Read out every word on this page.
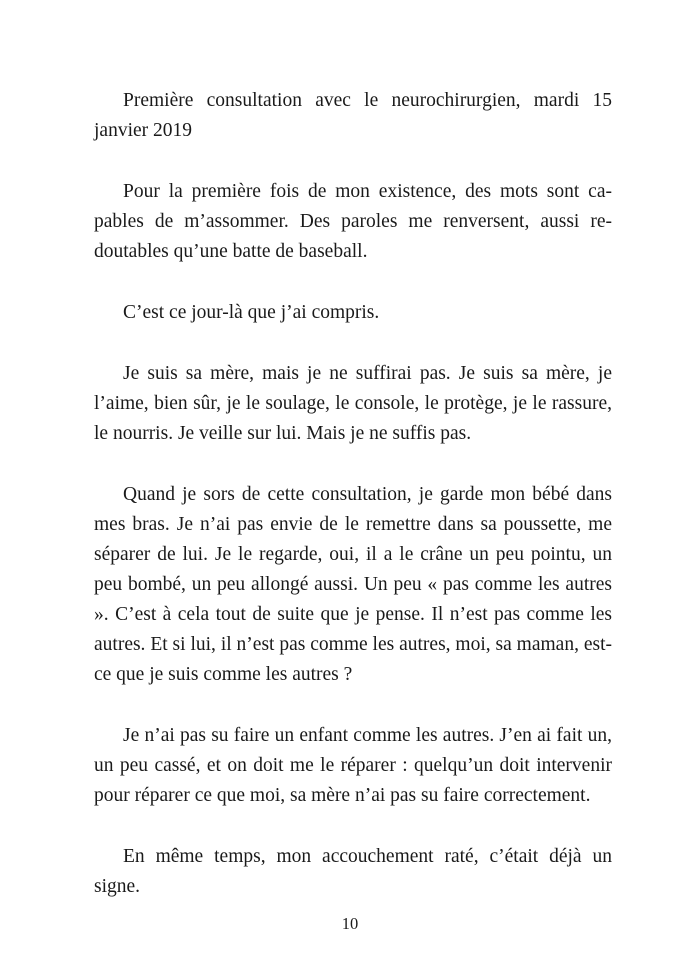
Première consultation avec le neurochirurgien, mardi 15 janvier 2019

Pour la première fois de mon existence, des mots sont capables de m’assommer. Des paroles me renversent, aussi redoutables qu’une batte de baseball.

C’est ce jour-là que j’ai compris.

Je suis sa mère, mais je ne suffirai pas. Je suis sa mère, je l’aime, bien sûr, je le soulage, le console, le protège, je le rassure, le nourris. Je veille sur lui. Mais je ne suffis pas.

Quand je sors de cette consultation, je garde mon bébé dans mes bras. Je n’ai pas envie de le remettre dans sa poussette, me séparer de lui. Je le regarde, oui, il a le crâne un peu pointu, un peu bombé, un peu allongé aussi. Un peu « pas comme les autres ». C’est à cela tout de suite que je pense. Il n’est pas comme les autres. Et si lui, il n’est pas comme les autres, moi, sa maman, est-ce que je suis comme les autres ?

Je n’ai pas su faire un enfant comme les autres. J’en ai fait un, un peu cassé, et on doit me le réparer : quelqu’un doit intervenir pour réparer ce que moi, sa mère n’ai pas su faire correctement.

En même temps, mon accouchement raté, c’était déjà un signe.

10
